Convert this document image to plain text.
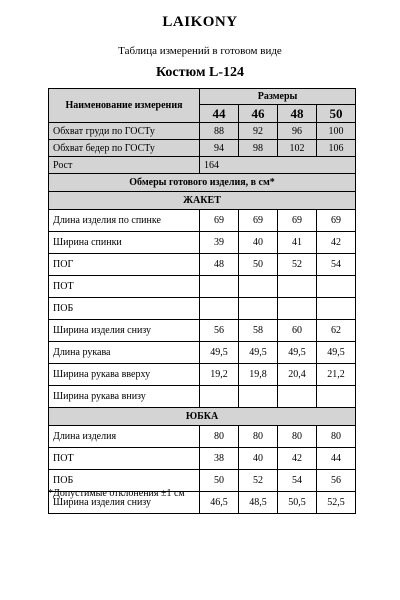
LAIKONY
Таблица измерений в готовом виде
Костюм L-124
Наименование измерения	Размеры			
	44	46	48	50
Обхват груди по ГОСТу	88	92	96	100
Обхват бедер по ГОСТу	94	98	102	106
Рост	164			
Обмеры готового изделия, в см*				
ЖАКЕТ				
Длина изделия по спинке	69	69	69	69
Ширина спинки	39	40	41	42
ПОГ	48	50	52	54
ПОТ				
ПОБ				
Ширина изделия снизу	56	58	60	62
Длина рукава	49,5	49,5	49,5	49,5
Ширина рукава вверху	19,2	19,8	20,4	21,2
Ширина рукава внизу				
ЮБКА				
Длина изделия	80	80	80	80
ПОТ	38	40	42	44
ПОБ	50	52	54	56
Ширина изделия снизу	46,5	48,5	50,5	52,5
*Допустимые отклонения ±1 см
